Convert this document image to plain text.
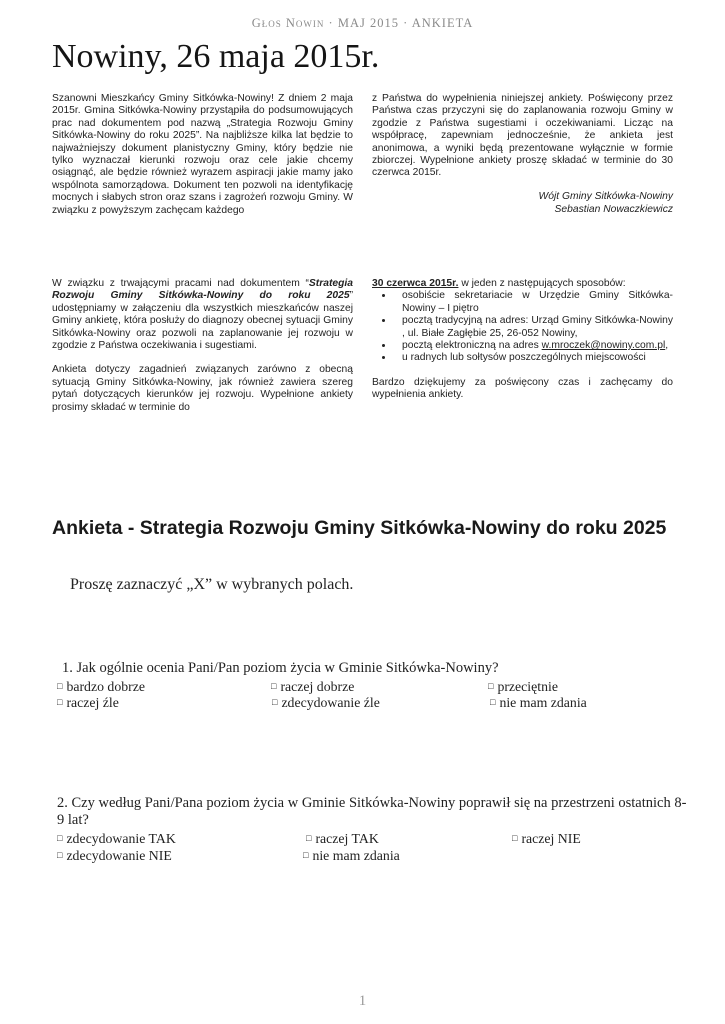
Głos Nowin · MAJ 2015 · ANKIETA
Nowiny, 26 maja 2015r.

Szanowni Mieszkańcy Gminy Sitkówka-Nowiny! Z dniem 2 maja 2015r. Gmina Sitkówka-Nowiny przystąpiła do podsumowujących prac nad dokumentem pod nazwą „Strategia Rozwoju Gminy Sitkówka-Nowiny do roku 2025”. Na najbliższe kilka lat będzie to najważniejszy dokument planistyczny Gminy, który będzie nie tylko wyznaczał kierunki rozwoju oraz cele jakie chcemy osiągnąć, ale będzie również wyrazem aspiracji jakie mamy jako wspólnota samorządowa. Dokument ten pozwoli na identyfikację mocnych i słabych stron oraz szans i zagrożeń rozwoju Gminy. W związku z powyższym zachęcam każdego

z Państwa do wypełnienia niniejszej ankiety. Poświęcony przez Państwa czas przyczyni się do zaplanowania rozwoju Gminy w zgodzie z Państwa sugestiami i oczekiwaniami. Licząc na współpracę, zapewniam jednocześnie, że ankieta jest anonimowa, a wyniki będą prezentowane wyłącznie w formie zbiorczej. Wypełnione ankiety proszę składać w terminie do 30 czerwca 2015r.

Wójt Gminy Sitkówka-Nowiny
Sebastian Nowaczkiewicz

W związku z trwającymi pracami nad dokumentem “Strategia Rozwoju Gminy Sitkówka-Nowiny do roku 2025” udostępniamy w załączeniu dla wszystkich mieszkańców naszej Gminy ankietę, która posłuży do diagnozy obecnej sytuacji Gminy Sitkówka-Nowiny oraz pozwoli na zaplanowanie jej rozwoju w zgodzie z Państwa oczekiwania i sugestiami.

Ankieta dotyczy zagadnień związanych zarówno z obecną sytuacją Gminy Sitkówka-Nowiny, jak również zawiera szereg pytań dotyczących kierunków jej rozwoju. Wypełnione ankiety prosimy składać w terminie do

30 czerwca 2015r. w jeden z następujących sposobów:

• osobiście sekretariacie w Urzędzie Gminy Sitkówka-Nowiny – I piętro
• pocztą tradycyjną na adres: Urząd Gminy Sitkówka-Nowiny , ul. Białe Zagłębie 25, 26-052 Nowiny,
• pocztą elektroniczną na adres w.mroczek@nowiny.com.pl,
• u radnych lub sołtysów poszczególnych miejscowości

Bardzo dziękujemy za poświęcony czas i zachęcamy do wypełnienia ankiety.

Ankieta - Strategia Rozwoju Gminy Sitkówka-Nowiny do roku 2025
Proszę zaznaczyć „X” w wybranych polach.
1. Jak ogólnie ocenia Pani/Pan poziom życia w Gminie Sitkówka-Nowiny?
□ bardzo dobrze	□ raczej dobrze	□ przeciętnie
□ raczej źle	□ zdecydowanie źle	□ nie mam zdania
2. Czy według Pani/Pana poziom życia w Gminie Sitkówka-Nowiny poprawił się na przestrzeni ostatnich 8-9 lat?
□ zdecydowanie TAK	□ raczej TAK	□ raczej NIE
□ zdecydowanie NIE	□ nie mam zdania
1
